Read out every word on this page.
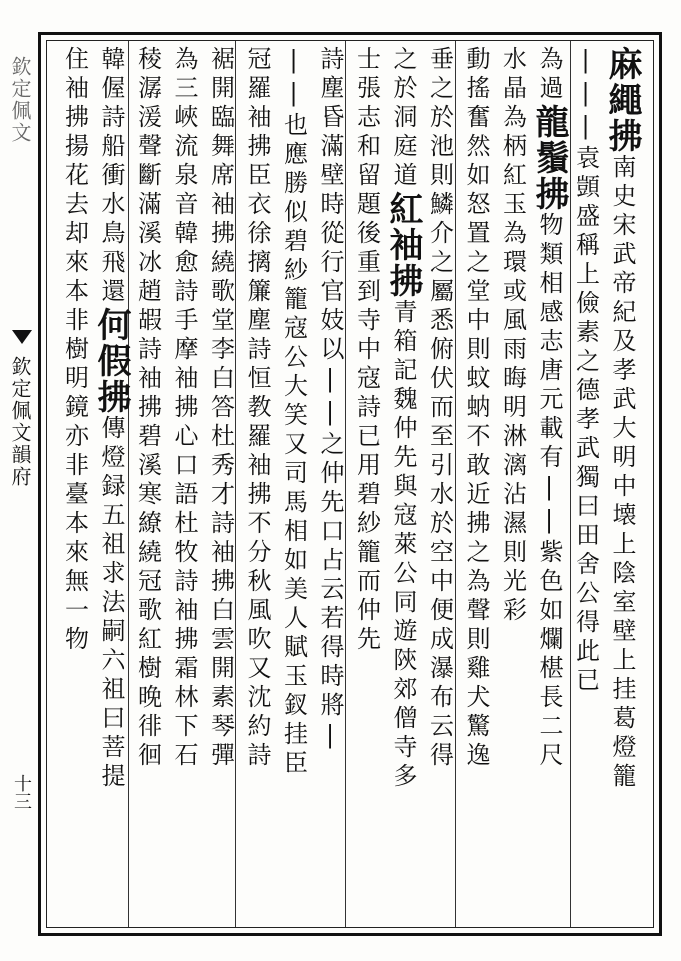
欽定佩文
欽定佩文韻府
十三
麻繩拂南史宋武帝紀及孝武大明中壊上陰室壁上挂葛燈籠
|||袁顗盛稱上儉素之德孝武獨曰田舍公得此已
為過龍鬚拂物類相感志唐元載有||紫色如爛椹長二尺
水晶為柄紅玉為環或風雨晦明淋漓沾濕則光彩
動搖奮然如怒置之堂中則蚊蚋不敢近拂之為聲則雞犬驚逸
垂之於池則鱗介之屬悉俯伏而至引水於空中便成瀑布云得
之於洞庭道紅袖拂青箱記魏仲先與寇萊公同遊陝郊僧寺多
士張志和留題後重到寺中寇詩已用碧紗籠而仲先
詩塵昏滿壁時從行官妓以||之仲先口占云若得時將|
||也應勝似碧紗籠寇公大笑又司馬相如美人賦玉釵挂臣
冠羅袖拂臣衣徐摛簾塵詩恒教羅袖拂不分秋風吹又沈約詩
裾開臨舞席袖拂繞歌堂李白答杜秀才詩袖拂白雲開素琴彈
為三峽流泉音韓愈詩手摩袖拂心口語杜牧詩袖拂霜林下石
稜潺湲聲斷滿溪冰趙嘏詩袖拂碧溪寒繚繞冠歌紅樹晚徘徊
韓偓詩船衝水鳥飛還何假拂傳燈録五祖求法嗣六祖曰菩提
住袖拂揚花去却來本非樹明鏡亦非臺本來無一物
